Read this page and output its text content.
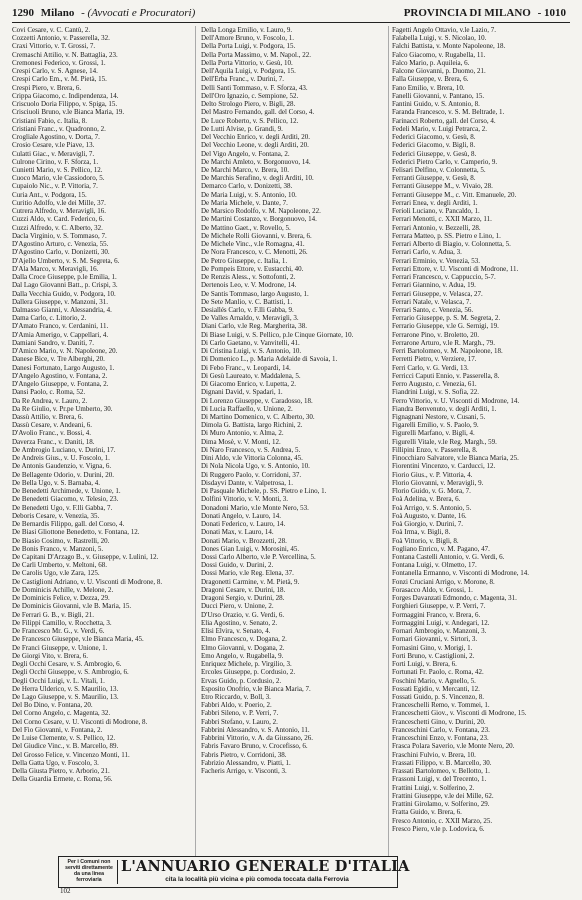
1290 Milano - (Avvocati e Procuratori)	PROVINCIA DI MILANO - 1010
Covi Cesare, v. C. Cantù, 2.
Cozzetti Antonio, v. Passerella, 32.
Craxi Vittorio, v. T. Grossi, 7.
Cremaschi Attilio, v. N. Battaglia, 23.
Cremonesi Federico, v. Grossi, 1.
Crespi Carlo, v. S. Agnese, 14.
Crespi Carlo Em., v. M. Pietà, 15.
Crespi Piero, v. Brera, 6.
Crippa Giacomo, c. Indipendenza, 14.
Criscuolo Doria Filippo, v. Spiga, 15.
Crisciuoli Bruno, v.le Bianca Maria, 19.
Cristiani Fabio, c. Italia, 8.
Cristiani Franc., v. Quadronno, 2.
Crogliale Agostino, v. Dorta, 7.
Crosio Cesare, v.le Piave, 13.
Culatti Giac., v. Meravigli, 7.
Culrone Cirino, v. F. Sforza, 1.
Cunietti Mario, v. S. Pellico, 12.
Cuoco Mario, v.le Cassiodoro, 5.
Cupaiolo Nic., v. P. Vittoria, 7.
Curia Ant., v. Podgora, 15.
Curitio Adolfo, v.le dei Mille, 37.
Cutrera Alfredo, v. Meravigli, 16.
Cuzzi Aldo, v. Card. Federico, 6.
Cuzzi Alfredo, v. C. Alberto, 32.
Dacla Virginio, v. S. Tommaso, 7.
D'Agostino Arturo, c. Venezia, 55.
D'Agostino Carlo, v. Donizetti, 30.
D'Ajello Umberto, v. S. M. Segreta, 6.
D'Ala Marco, v. Meravigli, 16.
Dalla Croce Giuseppe, p.le Emilia, 1.
Dal Lago Giovanni Batt., p. Crispi, 3.
Dalla Vecchia Guido, v. Podgora, 10.
Dallera Giuseppe, v. Manzoni, 31.
Dalmasso Gianni, v. Alessandria, 4.
Dama Carlo, c. Littorio, 2.
D'Amato Franco, v. Cerdanini, 11.
D'Amia Amerigo, v. Cappellari, 4.
Damiani Sandro, v. Daniti, 7.
D'Amico Mario, v. N. Napoleone, 20.
Danese Bice, v. Tre Alberghi, 20.
Danesi Fortunato, Largo Augusto, 1.
D'Angelo Agostino, v. Fontana, 2.
D'Angelo Giuseppe, v. Fontana, 2.
Dansi Paolo, c. Roma, 52.
Da Re Andrea, v. Lauro, 2.
Da Re Giulio, v. Pr.pe Umberto, 30.
Dassù Attilio, v. Brera, 6.
Dassù Cesare, v. Andeani, 6.
D'Avolio Franc., v. Bossi, 4.
Daverza Franc., v. Daniti, 18.
De Ambrogio Luciano, v. Durini, 17.
De Andreis Gius., v. U. Foscolo, 1.
De Antonis Gaudenzio, v. Vigna, 6.
De Bellagente Odorio, v. Durini, 20.
De Bella Ugo, v. S. Barnaba, 4.
De Benedetti Archimede, v. Unione, 1.
De Benedetti Giacomo, v. Telesio, 23.
De Benedetti Ugo, v. F.lli Gabba, 7.
Deboris Cesare, v. Venezia, 35.
De Bernardis Filippo, gall. del Corso, 4.
De Biasi Gliottone Benedetto, v. Fontana, 12.
De Biasio Cosimo, v. Rastrelli, 20.
De Bonis Franco, v. Manzoni, 5.
De Capitani D'Arzago B., v. Giuseppe, v. Lulini, 12.
De Carli Umberto, v. Meltoni, 68.
De Carolis Ugo, v.le Zara, 125.
De Castiglioni Adriano, v. U. Visconti di Modrone, 8.
De Dominicis Achille, v. Melone, 2.
De Dominicis Felice, v. Dezza, 29.
De Dominicis Giovanni, v.le B. Maria, 15.
De Ferrari G. B., v. Bigli, 21.
De Filippi Camillo, v. Rocchetta, 3.
De Francesco Mr. G., v. Verdi, 6.
De Francesco Giuseppe, v.le Bianca Maria, 45.
De Franci Giuseppe, v. Unione, 1.
De Giorgi Vito, v. Brera, 6.
Degli Occhi Cesare, v. S. Ambrogio, 6.
Degli Occhi Giuseppe, v. S. Ambrogio, 6.
Degli Occhi Luigi, v. L. Vitali, 1.
De Herra Ulderico, v. S. Maurilio, 13.
De Lago Giuseppe, v. S. Maurilio, 13.
Del Bo Dino, v. Fontana, 20.
Del Corno Angelo, c. Magenta, 32.
Del Corno Cesare, v. U. Visconti di Modrone, 8.
Del Fio Giovanni, v. Fontana, 2.
De Luise Clemente, v. S. Pellico, 12.
Del Giudice Vinc., v. B. Marcello, 89.
Del Grosso Felice, v. Vincenzo Monti, 11.
Della Gatta Ugo, v. Foscolo, 3.
Della Giusta Pietro, v. Arborio, 21.
Della Guardia Ermete, c. Roma, 56.
Della Longa Emilio, v. Lauro, 9.
Dell'Amore Bruno, v. Foscolo, 1.
Della Porta Luigi, v. Podgora, 15.
Della Porta Massimo, v. M. Napol., 22.
Della Porta Vittorio, v. Gesù, 10.
Dell'Aquila Luigi, v. Podgora, 15.
Dell'Erba Franc., v. Durini, 7.
Delli Santi Tommaso, v. F. Sforza, 43.
Dell'Oro Ignazio, c. Sempione, 52.
Delto Strologo Piero, v. Bigli, 28.
Del Mastro Fernando, gall. del Corso, 4.
De Luce Roberto, v. S. Pellico, 12.
De Lutti Alvise, p. Grandi, 9.
Del Vecchio Enrico, v. degli Arditi, 20.
Del Vecchio Leone, v. degli Arditi, 20.
Del Vigo Angelo, v. Fontana, 2.
De Marchi Amleto, v. Borgonuovo, 14.
De Marchi Marco, v. Brera, 10.
De Marchis Serafino, v. degli Arditi, 10.
Demarco Carlo, v. Donizetti, 38.
De Maria Luigi, v. S. Antonio, 10.
De Maria Michele, v. Dante, 7.
De Marsico Rodolfo, v. M. Napoleone, 22.
De Martini Costanzo, v. Borgonuovo, 14.
De Mattino Gaet., v. Rovello, 5.
De Michele Rolli Giovanni, v. Brera, 6.
De Michele Vinc., v.le Romagna, 41.
De Nora Francesco, v. C. Menotti, 26.
De Petro Giuseppe, c. Italia, 1.
De Pompeis Ettore, v. Eustacchi, 40.
De Renzis Aless., v. Sottofonti, 2.
Dertenois Leo, v. V. Modrone, 14.
De Santis Tommaso, largo Augusto, 1.
De Sete Manlio, v. C. Battisti, 1.
Desiallés Carlo, v. F.lli Gabba, 9.
De Valles Arnaldo, v. Meravigli, 3.
Diani Carlo, v.le Reg. Margherita, 38.
Di Biase Luigi, v. S. Pellico, p.le Cinque Giornate, 10.
Di Carlo Gaetano, v. Vanvitelli, 41.
Di Cristina Luigi, v. S. Antonio, 10.
Di Domenico L., p. Maria Adelaide di Savoia, 1.
Di Febo Franc., v. Leopardi, 14.
Di Gesù Laureato, v. Maddalena, 5.
Di Giacomo Enrico, v. Lupetta, 2.
Dignani David, v. Spadari, 1.
Di Lorenzo Giuseppe, v. Caradosso, 18.
Di Lucia Raffaello, v. Unione, 2.
Di Martino Domenico, v. C. Alberto, 30.
Dimola G. Battista, largo Richini, 2.
Di Muro Antonio, v. Alma, 2.
Dima Mosè, v. V. Monti, 12.
Di Naro Francesco, v. S. Andrea, 5.
Dini Aldo, v.le Vittoria Colonna, 45.
Di Nola Nicola Ugo, v. S. Antonio, 10.
Di Ruggero Paolo, v. Corridoni, 37.
Disdayvi Dante, v. Valpetrosa, 1.
Di Pasquale Michele, p. SS. Pietro e Lino, 1.
Dolfini Vittorio, v. V. Monti, 3.
Donadoni Mario, v.le Monte Nero, 53.
Donati Angelo, v. Lauro, 14.
Donati Federico, v. Lauro, 14.
Donati Max, v. Lauro, 14.
Donati Mario, v. Brozzetti, 28.
Dones Gian Luigi, v. Morosini, 45.
Dossi Carlo Alberto, v.le P. Vercellina, 5.
Dossi Guido, v. Durini, 2.
Dossi Mario, v.le Reg. Elena, 37.
Dragonetti Carmine, v. M. Pietà, 9.
Dragoni Cesare, v. Durini, 18.
Dragoni Sergio, v. Durini, 28.
Ducci Piero, v. Unione, 2.
D'Urso Orazio, v. G. Verdi, 6.
Elia Agostino, v. Senato, 2.
Elisi Elvira, v. Senato, 4.
Elmo Francesco, v. Dogana, 2.
Elmo Giovanni, v. Dogana, 2.
Emo Angelo, v. Rugabella, 9.
Enriquez Michele, p. Virgilio, 3.
Ercoles Giuseppe, p. Cordusio, 2.
Ervas Guido, p. Cordusio, 2.
Esposito Onofrio, v.le Bianca Maria, 7.
Etro Riccardo, v. Boll, 3.
Fabbri Aldo, v. Poerio, 2.
Fabbri Sileno, v. P. Verri, 7.
Fabbri Stefano, v. Lauro, 2.
Fabbrini Alessandro, v. S. Antonio, 11.
Fabbrini Vittorio, v. A. da Giussano, 26.
Fabris Favaro Bruno, v. Crocefisso, 6.
Fabris Pietro, v. Corridoni, 38.
Fabrizio Alessandro, v. Piatti, 1.
Facheris Arrigo, v. Visconti, 3.
Fagetti Angelo Ottavio, v.le Lazio, 7.
Falabella Luigi, v. S. Nicolao, 10.
Falchi Battista, v. Monte Napoleone, 18.
Falco Giacomo, v. Rugabella, 11.
Falco Mario, p. Aquileia, 6.
Falcone Giovanni, p. Duomo, 21.
Falla Giuseppe, v. Brera, 6.
Fano Emilio, v. Brera, 10.
Fanelli Giovanni, v. Pantano, 15.
Fantini Guido, v. S. Antonio, 8.
Faranda Francesco, v. S. M. Beltrade, 1.
Farinacci Roberto, gall. del Corso, 4.
Fedeli Mario, v. Luigi Petrarca, 2.
Federici Giacomo, v. Gesù, 8.
Federici Giacomo, v. Bigli, 8.
Federici Giuseppe, v. Gesù, 8.
Federici Pietro Carlo, v. Camperio, 9.
Felisari Delfino, v. Colonnetta, 5.
Ferranti Giuseppe, v. Gesù, 8.
Ferranti Giuseppe M., v. Vivaio, 28.
Ferranti Giuseppe M., c. Vitt. Emanuele, 20.
Ferrari Enea, v. degli Arditi, 1.
Ferioli Luciano, v. Pancaldo, 1.
Ferrari Menotti, c. XXII Marzo, 11.
Ferrari Antonio, v. Bezzelli, 28.
Ferrara Matteo, p. SS. Pietro e Lino, 1.
Ferrari Alberto di Biagio, v. Colonnetta, 5.
Ferrari Carlo, v. Adua, 3.
Ferrari Erminio, v. Venezia, 53.
Ferrari Ettore, v. U. Visconti di Modrone, 11.
Ferrari Francesco, v. Cappuccio, 5-7.
Ferrari Giannino, v. Adua, 19.
Ferrari Giuseppe, v. Velasca, 27.
Ferrari Natale, v. Velasca, 7.
Ferrari Santo, c. Venezia, 56.
Ferrario Giuseppe, p. S. M. Segreta, 2.
Ferrario Giuseppe, v.le G. Sernigi, 19.
Ferrarone Pino, v. Broletto, 20.
Ferrarone Arturo, v.le R. Margh., 79.
Ferri Bartolomeo, v. M. Napoleone, 18.
Ferretti Pietro, v. Verziere, 17.
Ferri Carlo, v. G. Verdi, 13.
Ferricci Caputi Ennio, v. Passerella, 8.
Ferro Augusto, c. Venezia, 61.
Fiandrini Luigi, v. S. Sofia, 22.
Ferro Vittorio, v. U. Visconti di Modrone, 14.
Fiandra Benvenuto, v. degli Arditi, 1.
Fignagnani Nestore, v. Cusani, 5.
Figarelli Emilio, v. S. Paolo, 9.
Figurelli Marfano, v. Bigli, 4.
Figurelli Vitale, v.le Reg. Margh., 59.
Fillipini Enzo, v. Passerella, 8.
Finocchiaro Salvatore, v.le Bianca Maria, 25.
Fiorentini Vincenzo, v. Carducci, 12.
Fiorio Gius., v. P. Vittoria, 4.
Florio Giovanni, v. Meravigli, 9.
Florio Guido, v. G. Mora, 7.
Foà Adelina, v. Brera, 6.
Foà Arrigo, v. S. Antonio, 5.
Foà Augusto, v. Dante, 16.
Foà Giorgio, v. Durini, 7.
Foà Irma, v. Bigli, 8.
Foà Vittorio, v. Bigli, 8.
Fogliano Enrico, v. M. Pagano, 47.
Fontana Castelli Antonio, v. G. Verdi, 6.
Fontana Luigi, v. Olmetto, 17.
Fontanella Ermanno, v. Visconti di Modrone, 14.
Fonzi Cruciani Arrigo, v. Morone, 8.
Forasacco Aldo, v. Grossi, 1.
Forges Davanzati Edmondo, c. Magenta, 31.
Forghieri Giuseppe, v. P. Verri, 7.
Formaggini Franco, v. Brera, 6.
Formaggini Luigi, v. Andegari, 12.
Fornari Ambrogio, v. Manzoni, 3.
Fornari Giovanni, v. Sirtori, 3.
Fornasini Gino, v. Morigi, 1.
Forti Bruno, v. Castiglioni, 2.
Forti Luigi, v. Brera, 6.
Fortunati Fr. Paolo, c. Roma, 42.
Foschini Mario, v. Agnello, 5.
Fossati Egidio, v. Mercanti, 12.
Fossati Guido, p. S. Vincenzo, 8.
Franceschelli Remo, v. Tommei, 1.
Franceschetti Giov., v. Visconti di Modrone, 15.
Franceschetti Gino, v. Durini, 20.
Franceschini Carlo, v. Fontana, 23.
Franceschini Enzo, v. Fontana, 23.
Frasca Polara Saverio, v.le Monte Nero, 20.
Fraschini Fulvio, v. Brera, 10.
Frassati Filippo, v. B. Marcello, 30.
Frassati Bartolomeo, v. Bellotto, 1.
Frassoni Luigi, v. del Trecento, 1.
Frattini Luigi, v. Solferino, 2.
Frattini Giuseppe, v.le dei Mille, 62.
Frattini Girolamo, v. Solferino, 29.
Fratta Guido, v. Brera, 6.
Fresco Antonio, c. XXII Marzo, 25.
Fresco Piero, v.le p. Lodovica, 6.
Per i Comuni non serviti direttamente da una linea ferroviaria
L'ANNUARIO GENERALE D'ITALIA
cita la località più vicina e più comoda toccata dalla Ferrovia
102
